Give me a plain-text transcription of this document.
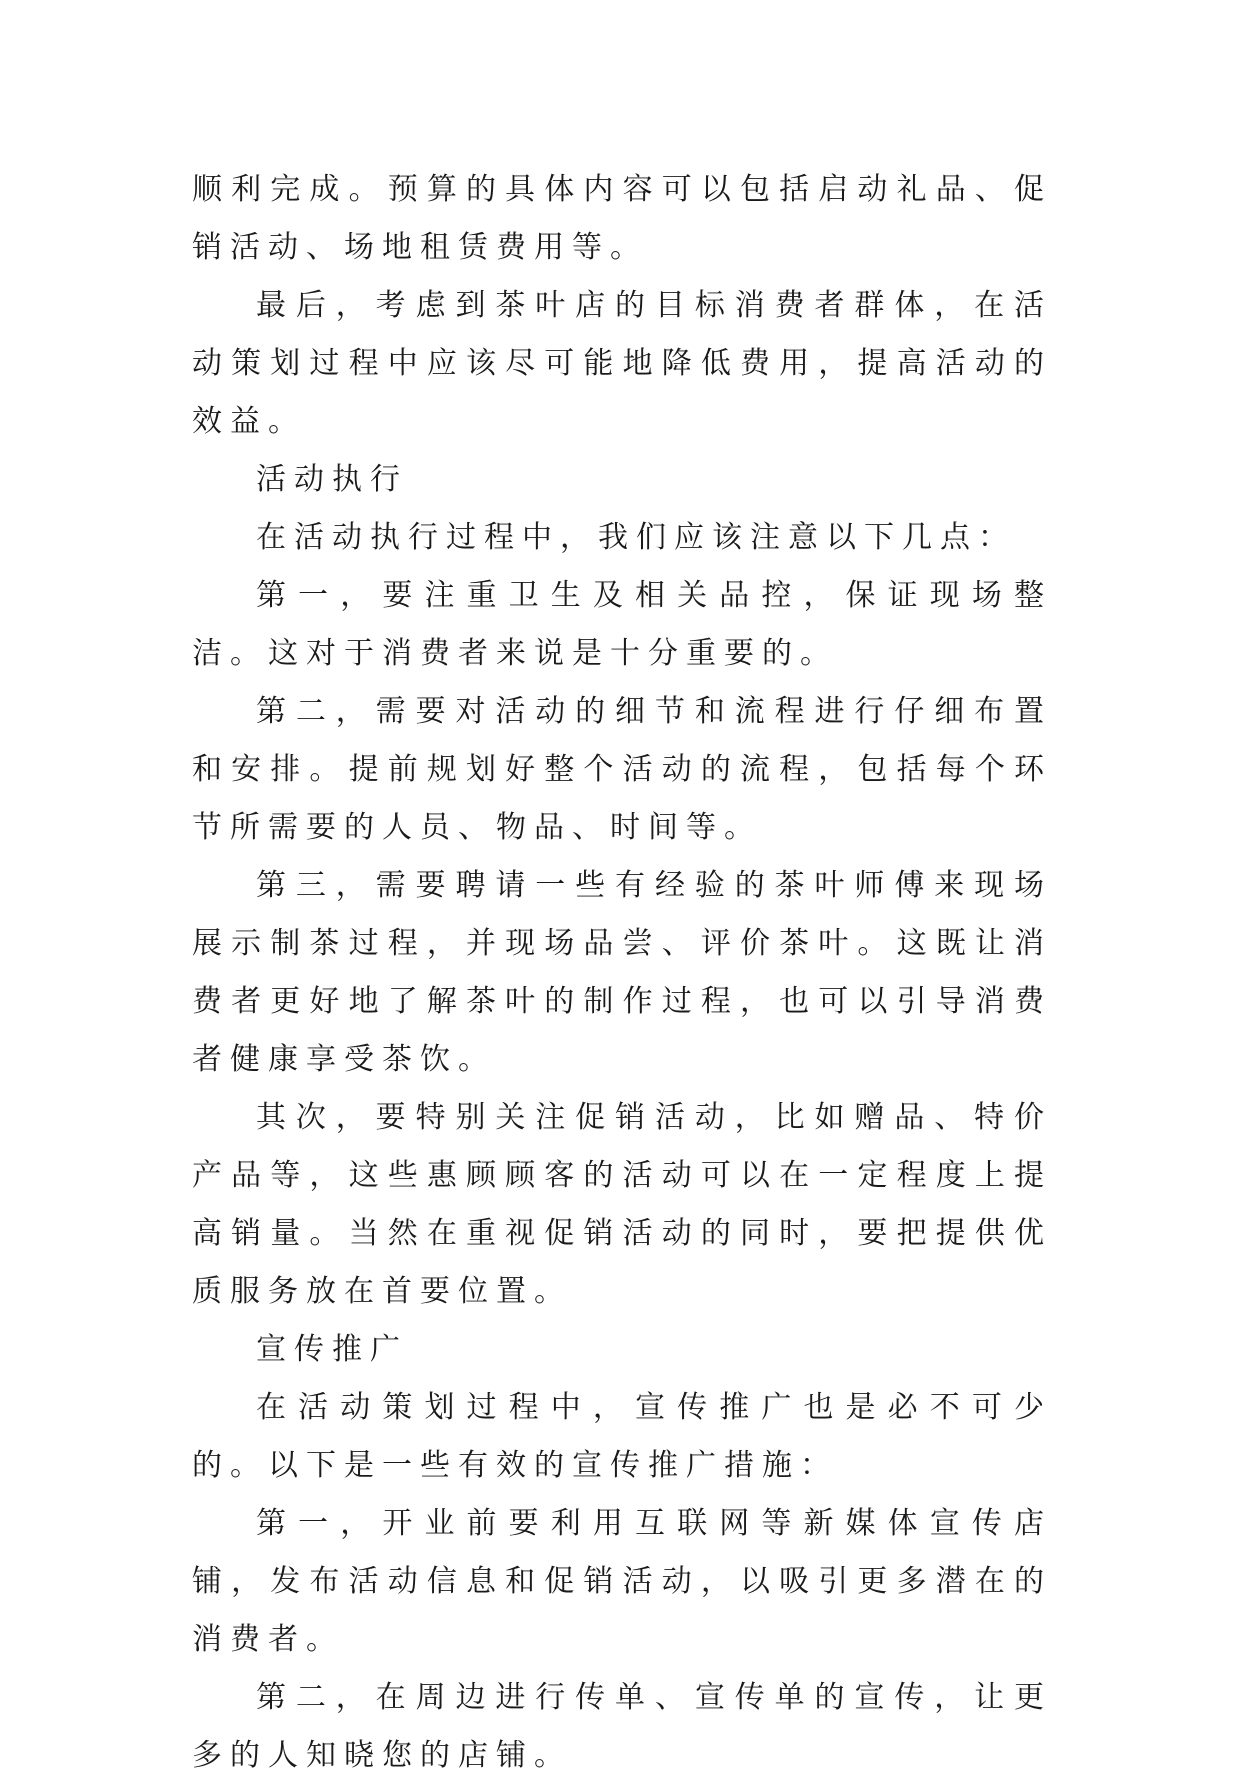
顺利完成。预算的具体内容可以包括启动礼品、促销活动、场地租赁费用等。

最后，考虑到茶叶店的目标消费者群体，在活动策划过程中应该尽可能地降低费用，提高活动的效益。

活动执行

在活动执行过程中，我们应该注意以下几点：

第一，要注重卫生及相关品控，保证现场整洁。这对于消费者来说是十分重要的。

第二，需要对活动的细节和流程进行仔细布置和安排。提前规划好整个活动的流程，包括每个环节所需要的人员、物品、时间等。

第三，需要聘请一些有经验的茶叶师傅来现场展示制茶过程，并现场品尝、评价茶叶。这既让消费者更好地了解茶叶的制作过程，也可以引导消费者健康享受茶饮。

其次，要特别关注促销活动，比如赠品、特价产品等，这些惠顾顾客的活动可以在一定程度上提高销量。当然在重视促销活动的同时，要把提供优质服务放在首要位置。

宣传推广

在活动策划过程中，宣传推广也是必不可少的。以下是一些有效的宣传推广措施：

第一，开业前要利用互联网等新媒体宣传店铺，发布活动信息和促销活动，以吸引更多潜在的消费者。

第二，在周边进行传单、宣传单的宣传，让更多的人知晓您的店铺。
